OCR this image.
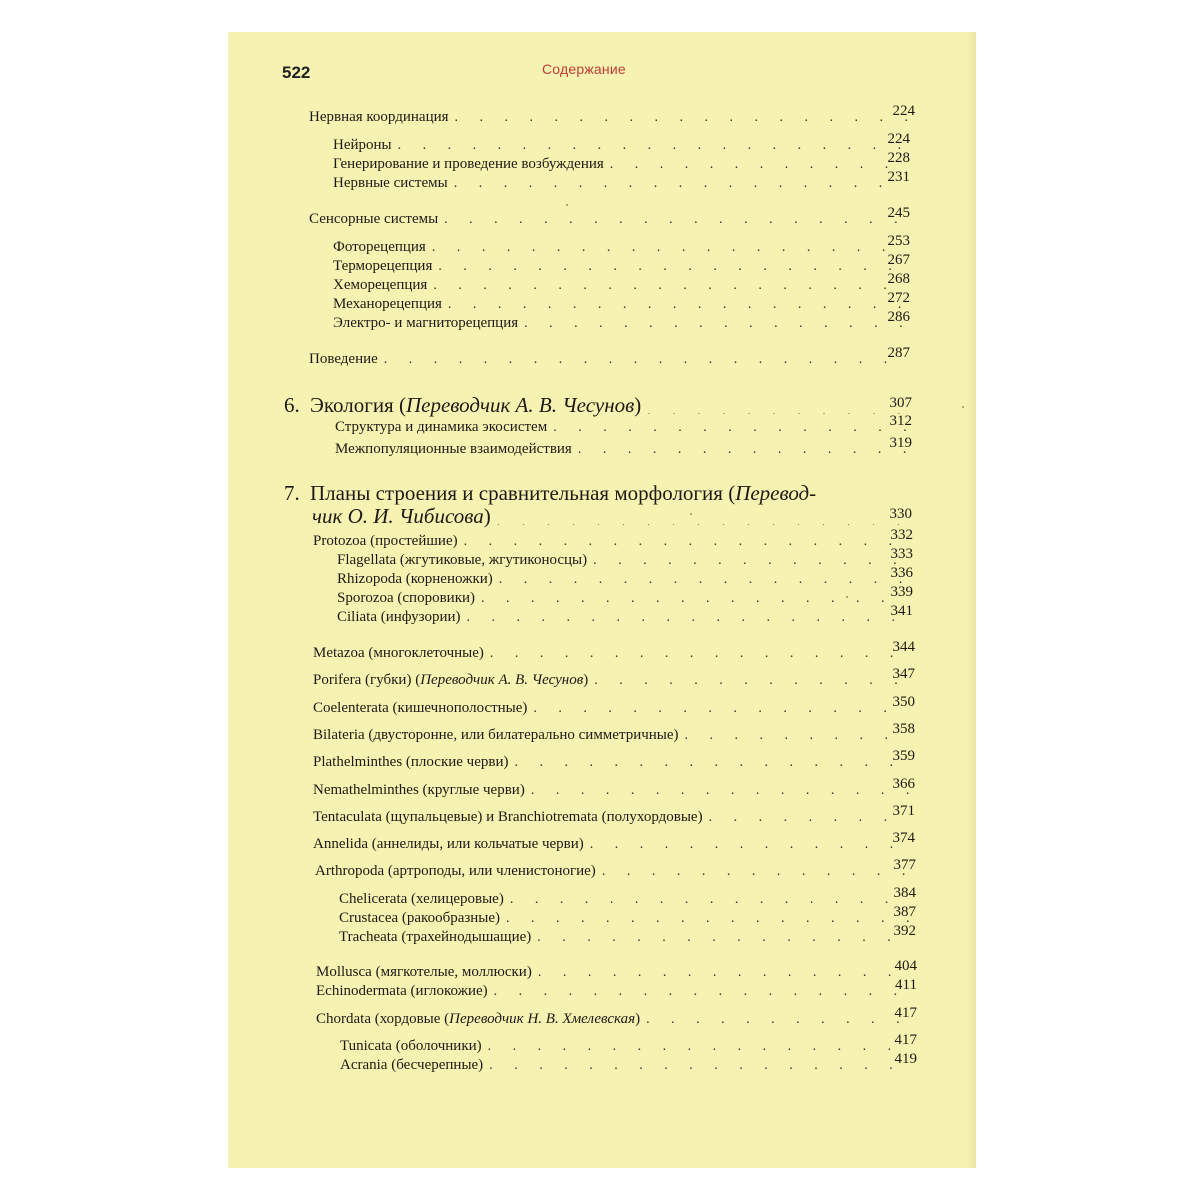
522	Содержание
Нервная координация . . .	224
Нейроны . . .	224
Генерирование и проведение возбуждения . . .	228
Нервные системы . . .	231
Сенсорные системы . . .	245
Фоторецепция . . .	253
Терморецепция . . .	267
Хеморецепция . . .	268
Механорецепция . . .	272
Электро- и магниторецепция . . .	286
Поведение . . .	287
6. Экология (Переводчик А. В. Чесунов) . . .	307
Структура и динамика экосистем . . .	312
Межпопуляционные взаимодействия . . .	319
7. Планы строения и сравнительная морфология (Перевод-
чик О. И. Чибисова) . . .	330
Protozoa (простейшие) . . .	332
Flagellata (жгутиковые, жгутиконосцы) . . .	333
Rhizopoda (корненожки) . . .	336
Sporozoa (споровики) . . .	339
Ciliata (инфузории) . . .	341
Metazoa (многоклеточные) . . .	344
Porifera (губки) (Переводчик А. В. Чесунов) . . .	347
Coelenterata (кишечнополостные) . . .	350
Bilateria (двусторонне, или билатерально симметричные) . . .	358
Plathelminthes (плоские черви) . . .	359
Nemathelminthes (круглые черви) . . .	366
Tentaculata (щупальцевые) и Branchiotremata (полухордовые) . . .	371
Annelida (аннелиды, или кольчатые черви) . . .	374
Arthropoda (артроподы, или членистоногие) . . .	377
Chelicerata (хелицеровые) . . .	384
Crustacea (ракообразные) . . .	387
Tracheata (трахейнодышащие) . . .	392
Mollusca (мягкотелые, моллюски) . . .	404
Echinodermata (иглокожие) . . .	411
Chordata (хордовые (Переводчик Н. В. Хмелевская) . . .	417
Tunicata (оболочники) . . .	417
Acrania (бесчерепные) . . .	419
